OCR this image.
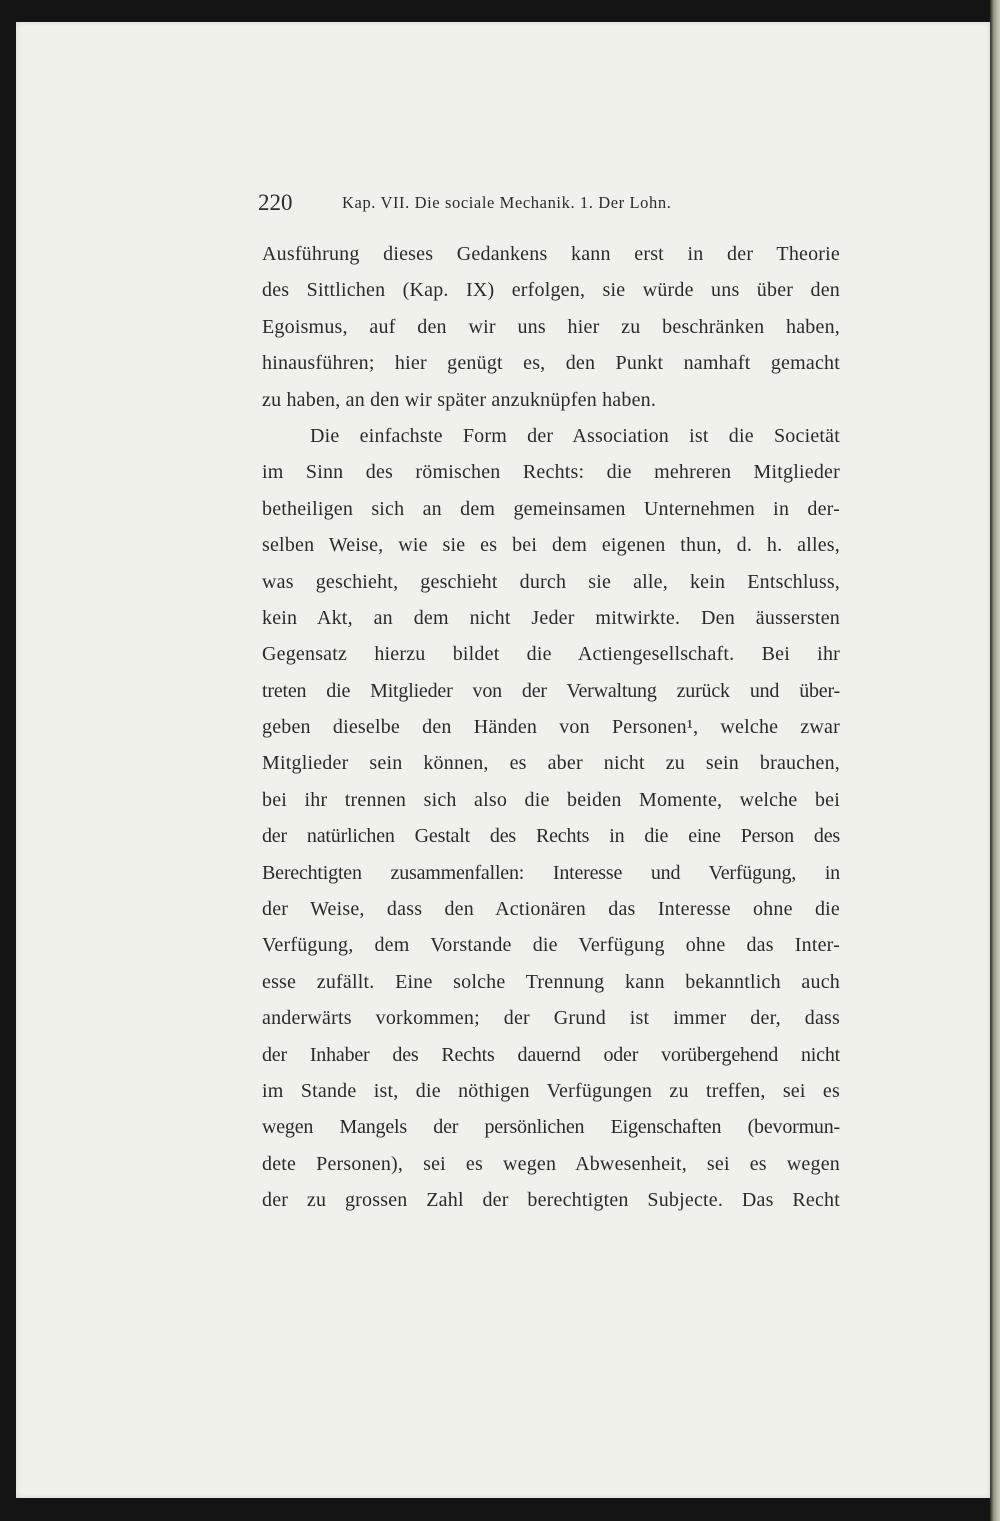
220	Kap. VII. Die sociale Mechanik. 1. Der Lohn.
Ausführung dieses Gedankens kann erst in der Theorie
des Sittlichen (Kap. IX) erfolgen, sie würde uns über den
Egoismus, auf den wir uns hier zu beschränken haben,
hinausführen; hier genügt es, den Punkt namhaft gemacht
zu haben, an den wir später anzuknüpfen haben.
Die einfachste Form der Association ist die Societät
im Sinn des römischen Rechts: die mehreren Mitglieder
betheiligen sich an dem gemeinsamen Unternehmen in der-
selben Weise, wie sie es bei dem eigenen thun, d. h. alles,
was geschieht, geschieht durch sie alle, kein Entschluss,
kein Akt, an dem nicht Jeder mitwirkte. Den äussersten
Gegensatz hierzu bildet die Actiengesellschaft. Bei ihr
treten die Mitglieder von der Verwaltung zurück und über-
geben dieselbe den Händen von Personen¹, welche zwar
Mitglieder sein können, es aber nicht zu sein brauchen,
bei ihr trennen sich also die beiden Momente, welche bei
der natürlichen Gestalt des Rechts in die eine Person des
Berechtigten zusammenfallen: Interesse und Verfügung, in
der Weise, dass den Actionären das Interesse ohne die
Verfügung, dem Vorstande die Verfügung ohne das Inter-
esse zufällt. Eine solche Trennung kann bekanntlich auch
anderwärts vorkommen; der Grund ist immer der, dass
der Inhaber des Rechts dauernd oder vorübergehend nicht
im Stande ist, die nöthigen Verfügungen zu treffen, sei es
wegen Mangels der persönlichen Eigenschaften (bevormun-
dete Personen), sei es wegen Abwesenheit, sei es wegen
der zu grossen Zahl der berechtigten Subjecte. Das Recht
